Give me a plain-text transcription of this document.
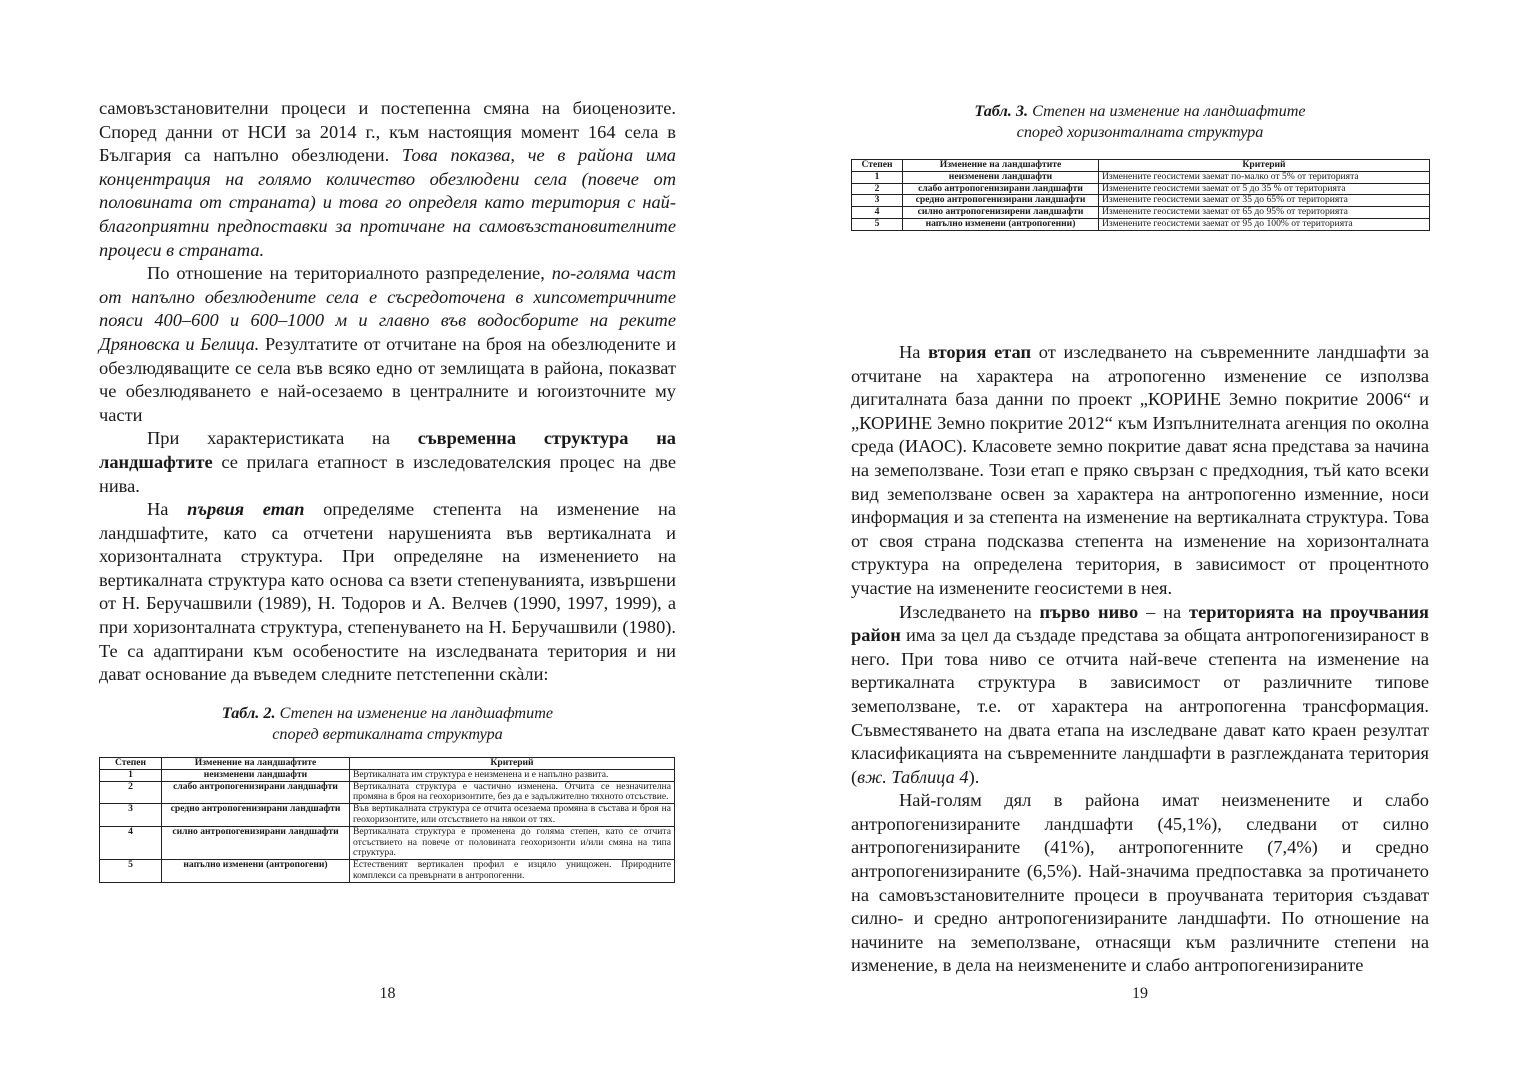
самовъзстановителни процеси и постепенна смяна на биоценозите. Според данни от НСИ за 2014 г., към настоящия момент 164 села в България са напълно обезлюдени. Това показва, че в района има концентрация на голямо количество обезлюдени села (повече от половината от страната) и това го определя като територия с най-благоприятни предпоставки за протичане на самовъзстановителните процеси в страната.

По отношение на териториалното разпределение, по-голяма част от напълно обезлюдените села е съсредоточена в хипсометричните пояси 400–600 и 600–1000 м и главно във водосборите на реките Дряновска и Белица. Резултатите от отчитане на броя на обезлюдените и обезлюдяващите се села във всяко едно от землищата в района, показват че обезлюдяването е най-осезаемо в централните и югоизточните му части

При характеристиката на съвременна структура на ландшафтите се прилага етапност в изследователския процес на две нива.

На първия етап определяме степента на изменение на ландшафтите, като са отчетени нарушенията във вертикалната и хоризонталната структура. При определяне на изменението на вертикалната структура като основа са взети степенуванията, извършени от Н. Беручашвили (1989), Н. Тодоров и А. Велчев (1990, 1997, 1999), а при хоризонталната структура, степенуването на Н. Беручашвили (1980). Те са адаптирани към особеностите на изследваната територия и ни дават основание да въведем следните петстепенни скàли:

Табл. 2. Степен на изменение на ландшафтите
според вертикалната структура
Степен	Изменение на ландшафтите	Критерий
1	неизменени ландшафти	Вертикалната им структура е неизменена и е напълно развита.
2	слабо антропогенизирани ландшафти	Вертикалната структура е частично изменена. Отчита се незначителна промяна в броя на геохоризонтите, без да е задължително тяхното отсъствие.
3	средно антропогенизирани ландшафти	Във вертикалната структура се отчита осезаема промяна в състава и броя на геохоризонтите, или отсъствието на някои от тях.
4	силно антропогенизирани ландшафти	Вертикалната структура е променена до голяма степен, като се отчита отсъствието на повече от половината геохоризонти и/или смяна на типа структура.
5	напълно изменени (антропогени)	Естественият вертикален профил е изцяло унищожен. Природните комплекси са превърнати в антропогенни.
18
Табл. 3. Степен на изменение на ландшафтите
според хоризонталната структура
Степен	Изменение на ландшафтите	Критерий
1	неизменени ландшафти	Изменените геосистеми заемат по-малко от 5% от територията
2	слабо антропогенизирани ландшафти	Изменените геосистеми заемат от 5 до 35 % от територията
3	средно антропогенизирани ландшафти	Изменените геосистеми заемат от 35 до 65% от територията
4	силно антропогенизирени ландшафти	Изменените геосистеми заемат от 65 до 95% от територията
5	напълно изменени (антропогенни)	Изменените геосистеми заемат от 95 до 100% от територията

На втория етап от изследването на съвременните ландшафти за отчитане на характера на атропогенно изменение се използва дигиталната база данни по проект „КОРИНЕ Земно покритие 2006“ и „КОРИНЕ Земно покритие 2012“ към Изпълнителната агенция по околна среда (ИАОС). Класовете земно покритие дават ясна представа за начина на земеползване. Този етап е пряко свързан с предходния, тъй като всеки вид земеползване освен за характера на антропогенно изменние, носи информация и за степента на изменение на вертикалната структура. Това от своя страна подсказва степента на изменение на хоризонталната структура на определена територия, в зависимост от процентното участие на изменените геосистеми в нея.

Изследването на първо ниво – на територията на проучвания район има за цел да създаде представа за общата антропогенизираност в него. При това ниво се отчита най-вече степента на изменение на вертикалната структура в зависимост от различните типове земеползване, т.е. от характера на антропогенна трансформация. Съвместяването на двата етапа на изследване дават като краен резултат класификацията на съвременните ландшафти в разглежданата територия (вж. Таблица 4).

Най-голям дял в района имат неизменените и слабо антропогенизираните ландшафти (45,1%), следвани от силно антропогенизираните (41%), антропогенните (7,4%) и средно антропогенизираните (6,5%). Най-значима предпоставка за протичането на самовъзстановителните процеси в проучваната територия създават силно- и средно антропогенизираните ландшафти. По отношение на начините на земеползване, отнасящи към различните степени на изменение, в дела на неизменените и слабо антропогенизираните

19
